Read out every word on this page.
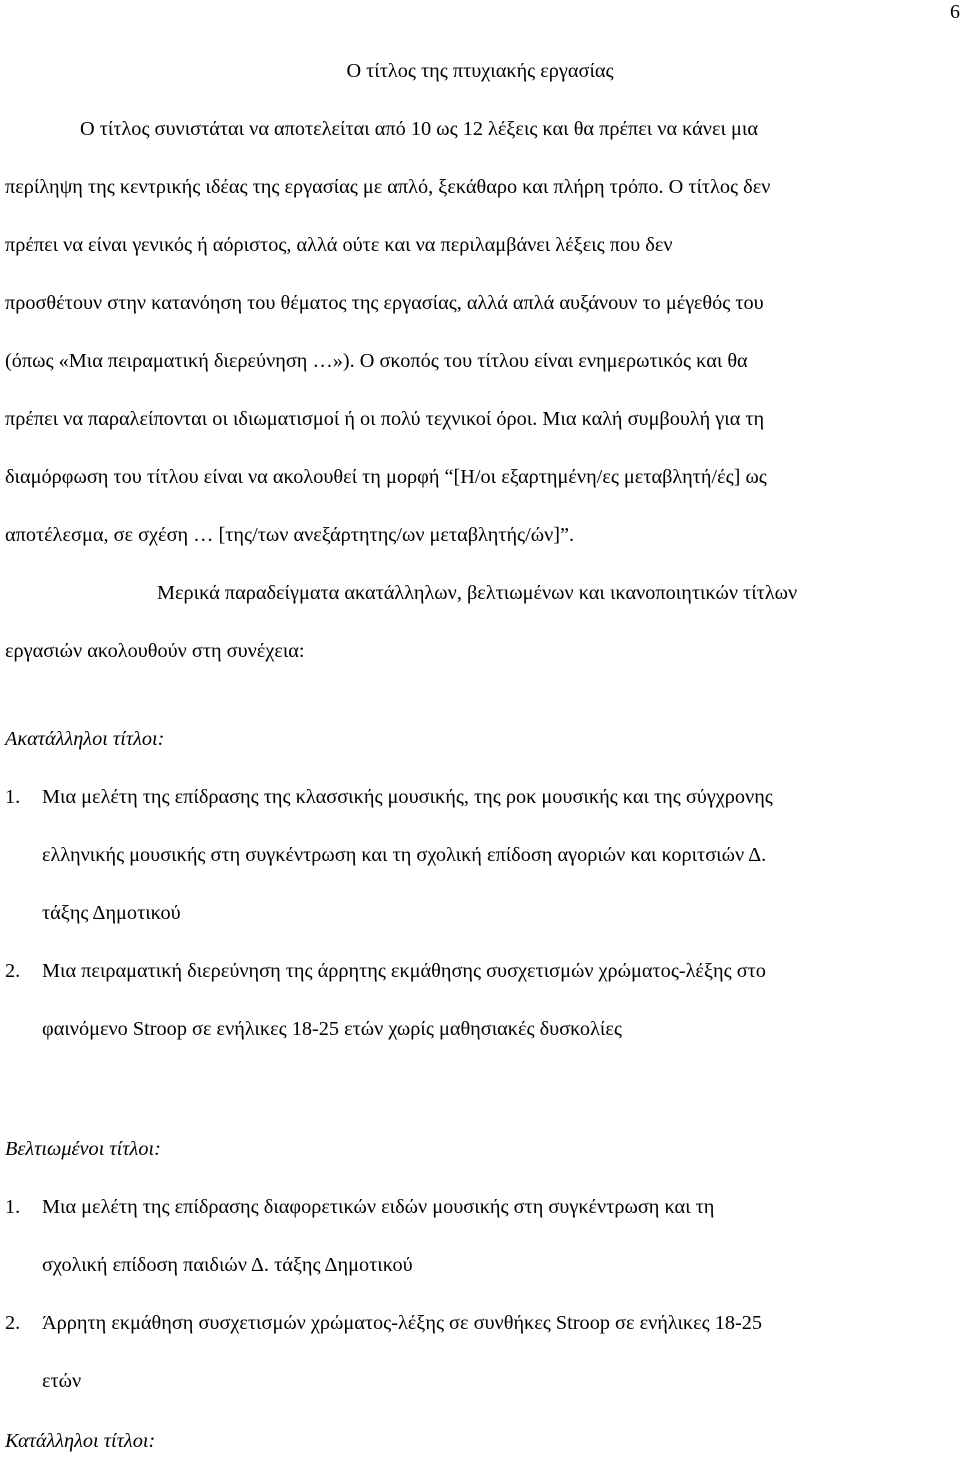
6
Ο τίτλος της πτυχιακής εργασίας
Ο τίτλος συνιστάται να αποτελείται από 10 ως 12 λέξεις και θα πρέπει να κάνει μια
περίληψη της κεντρικής ιδέας της εργασίας με απλό, ξεκάθαρο και πλήρη τρόπο. Ο τίτλος δεν
πρέπει να είναι γενικός ή αόριστος, αλλά ούτε και να περιλαμβάνει λέξεις που δεν
προσθέτουν στην κατανόηση του θέματος της εργασίας, αλλά απλά αυξάνουν το μέγεθός του
(όπως «Μια πειραματική διερεύνηση …»). Ο σκοπός του τίτλου είναι ενημερωτικός και θα
πρέπει να παραλείπονται οι ιδιωματισμοί ή οι πολύ τεχνικοί όροι. Μια καλή συμβουλή για τη
διαμόρφωση του τίτλου είναι να ακολουθεί τη μορφή “[Η/οι εξαρτημένη/ες μεταβλητή/ές] ως
αποτέλεσμα, σε σχέση … [της/των ανεξάρτητης/ων μεταβλητής/ών]”.
Μερικά παραδείγματα ακατάλληλων, βελτιωμένων και ικανοποιητικών τίτλων
εργασιών ακολουθούν στη συνέχεια:
Ακατάλληλοι τίτλοι:
1. Μια μελέτη της επίδρασης της κλασσικής μουσικής, της ροκ μουσικής και της σύγχρονης
ελληνικής μουσικής στη συγκέντρωση και τη σχολική επίδοση αγοριών και κοριτσιών Δ.
τάξης Δημοτικού
2. Μια πειραματική διερεύνηση της άρρητης εκμάθησης συσχετισμών χρώματος-λέξης στο
φαινόμενο Stroop σε ενήλικες 18-25 ετών χωρίς μαθησιακές δυσκολίες
Βελτιωμένοι τίτλοι:
1. Μια μελέτη της επίδρασης διαφορετικών ειδών μουσικής στη συγκέντρωση και τη
σχολική επίδοση παιδιών Δ. τάξης Δημοτικού
2. Άρρητη εκμάθηση συσχετισμών χρώματος-λέξης σε συνθήκες Stroop σε ενήλικες 18-25
ετών
Κατάλληλοι τίτλοι:
